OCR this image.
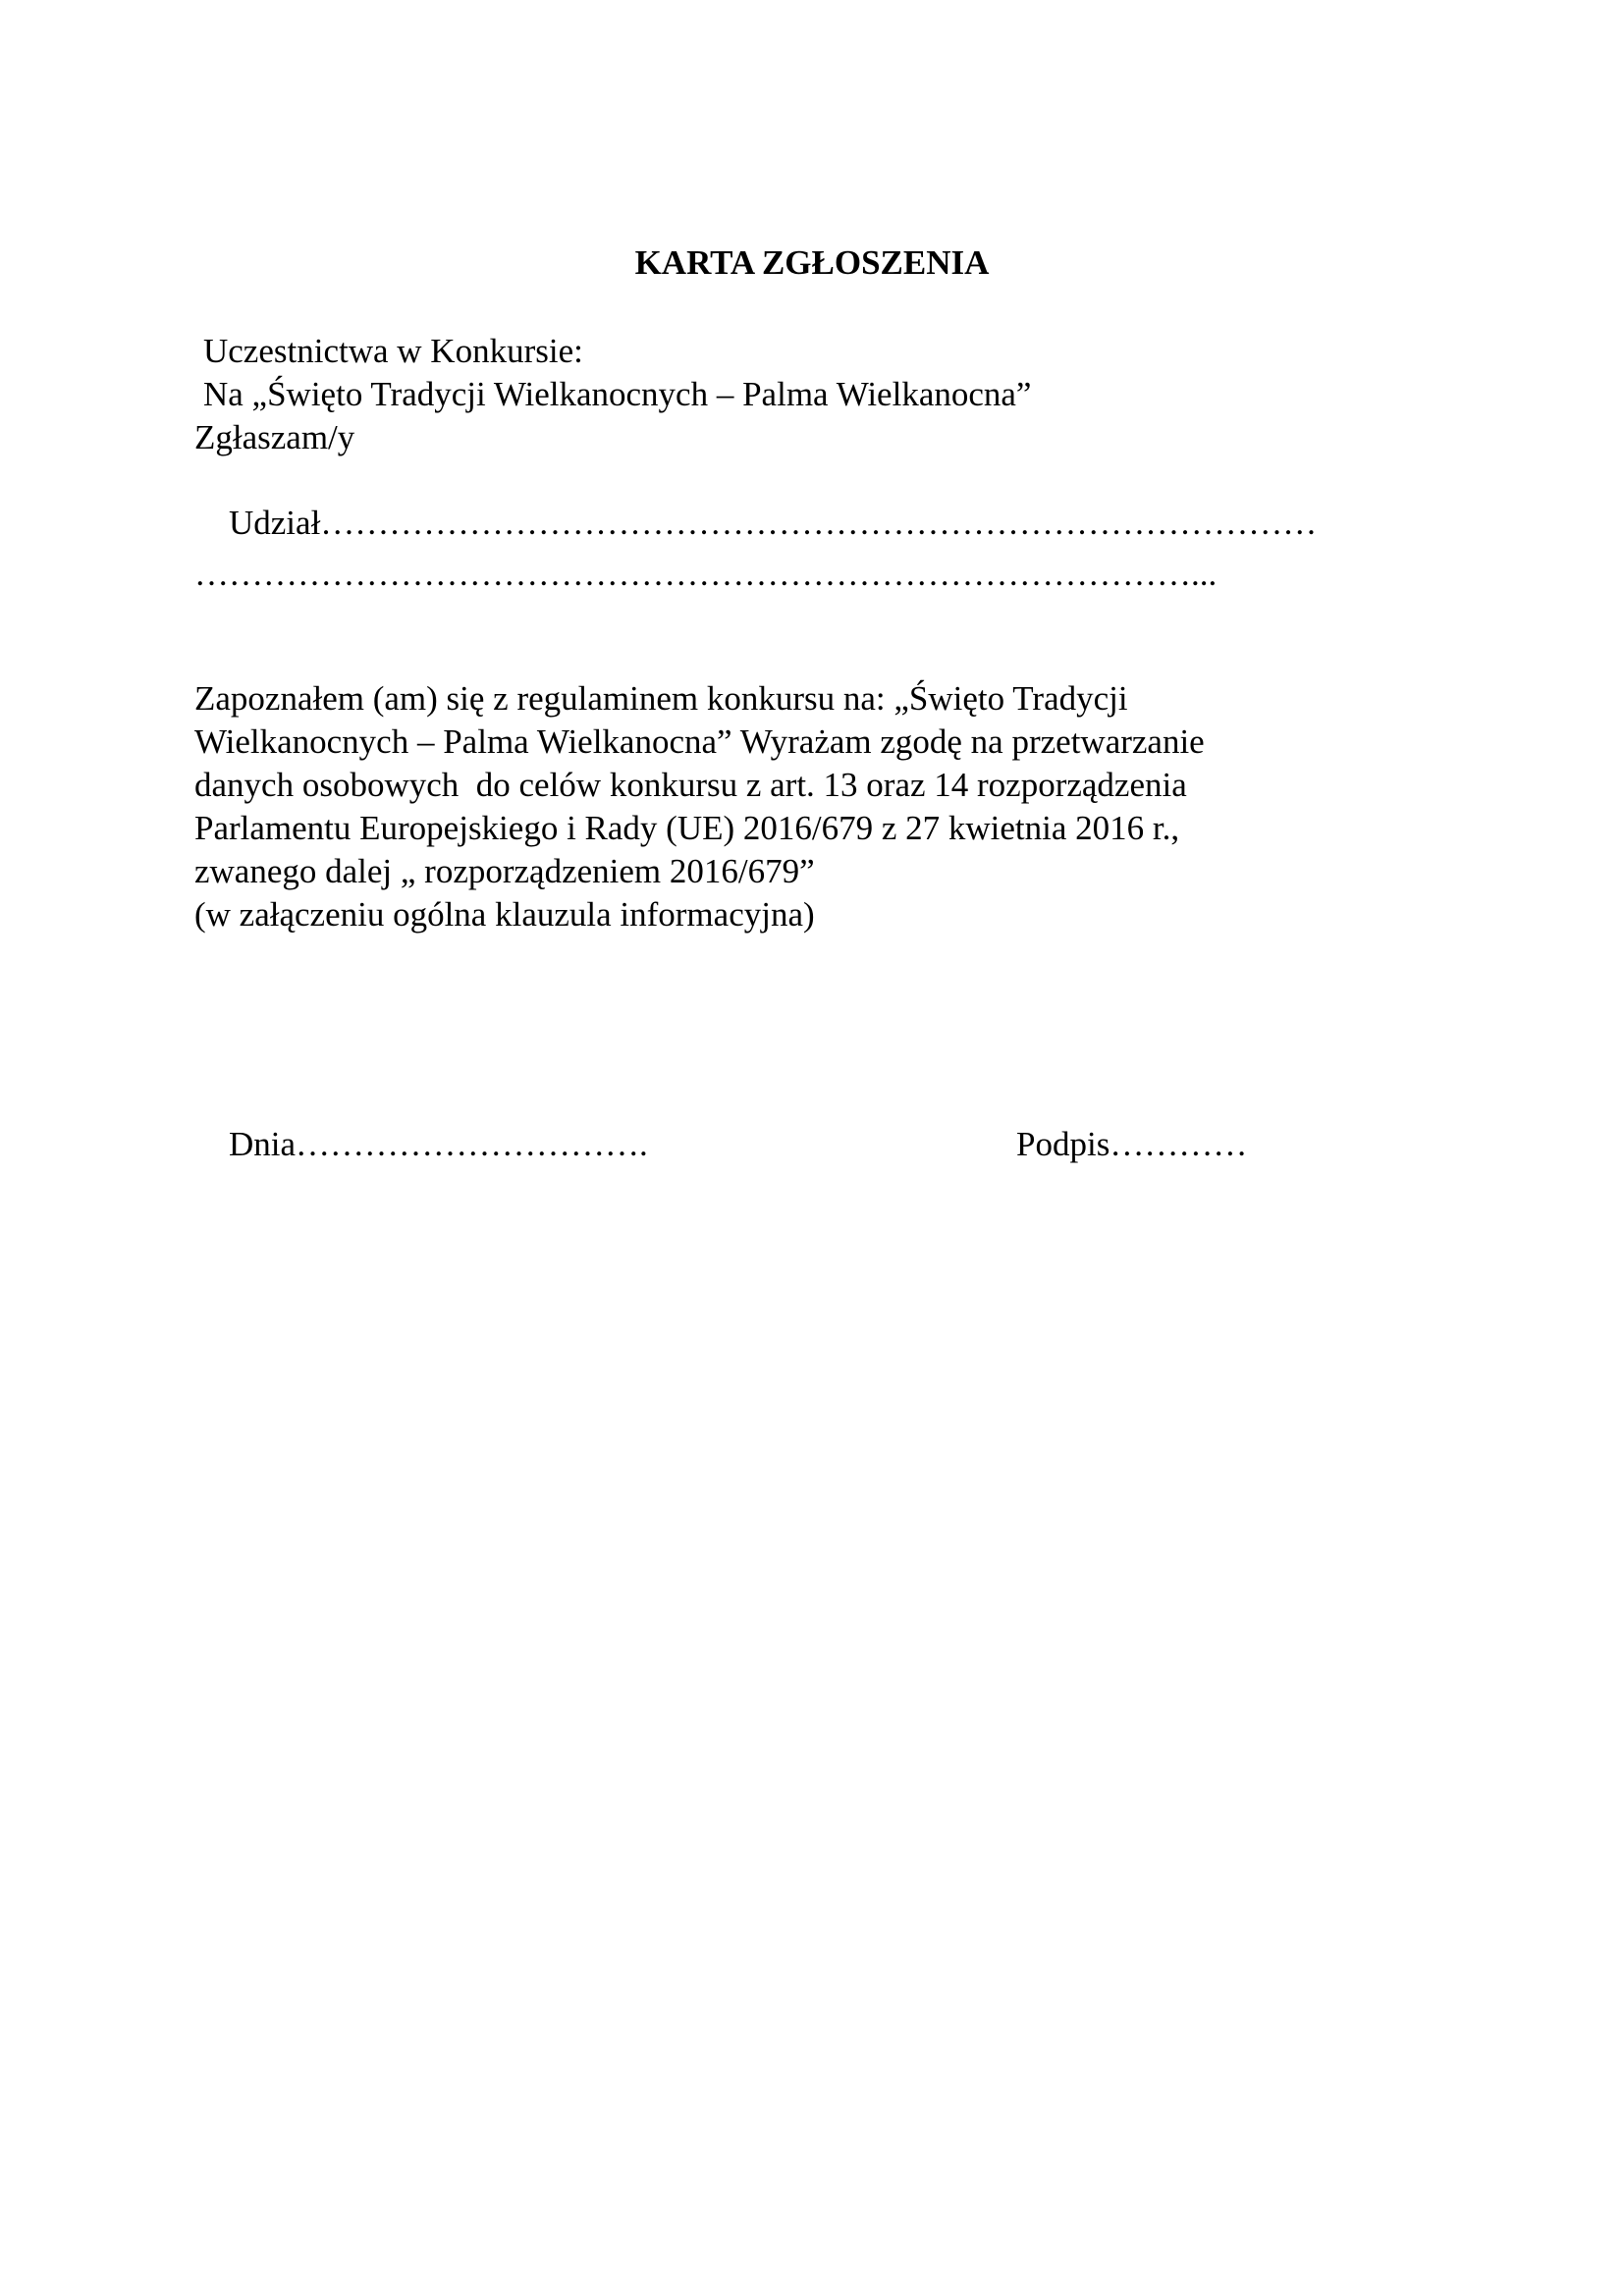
KARTA ZGŁOSZENIA
Uczestnictwa w Konkursie:
Na „Święto Tradycji Wielkanocnych – Palma Wielkanocna”
Zgłaszam/y

Udział……………………………………………………………………………

……………………………………………………………………………...
Zapoznałem (am) się z regulaminem konkursu na: „Święto Tradycji
Wielkanocnych – Palma Wielkanocna” Wyrażam zgodę na przetwarzanie
danych osobowych  do celów konkursu z art. 13 oraz 14 rozporządzenia
Parlamentu Europejskiego i Rady (UE) 2016/679 z 27 kwietnia 2016 r.,
zwanego dalej „ rozporządzeniem 2016/679”
(w załączeniu ogólna klauzula informacyjna)

Dnia………………………….
	Podpis…………
